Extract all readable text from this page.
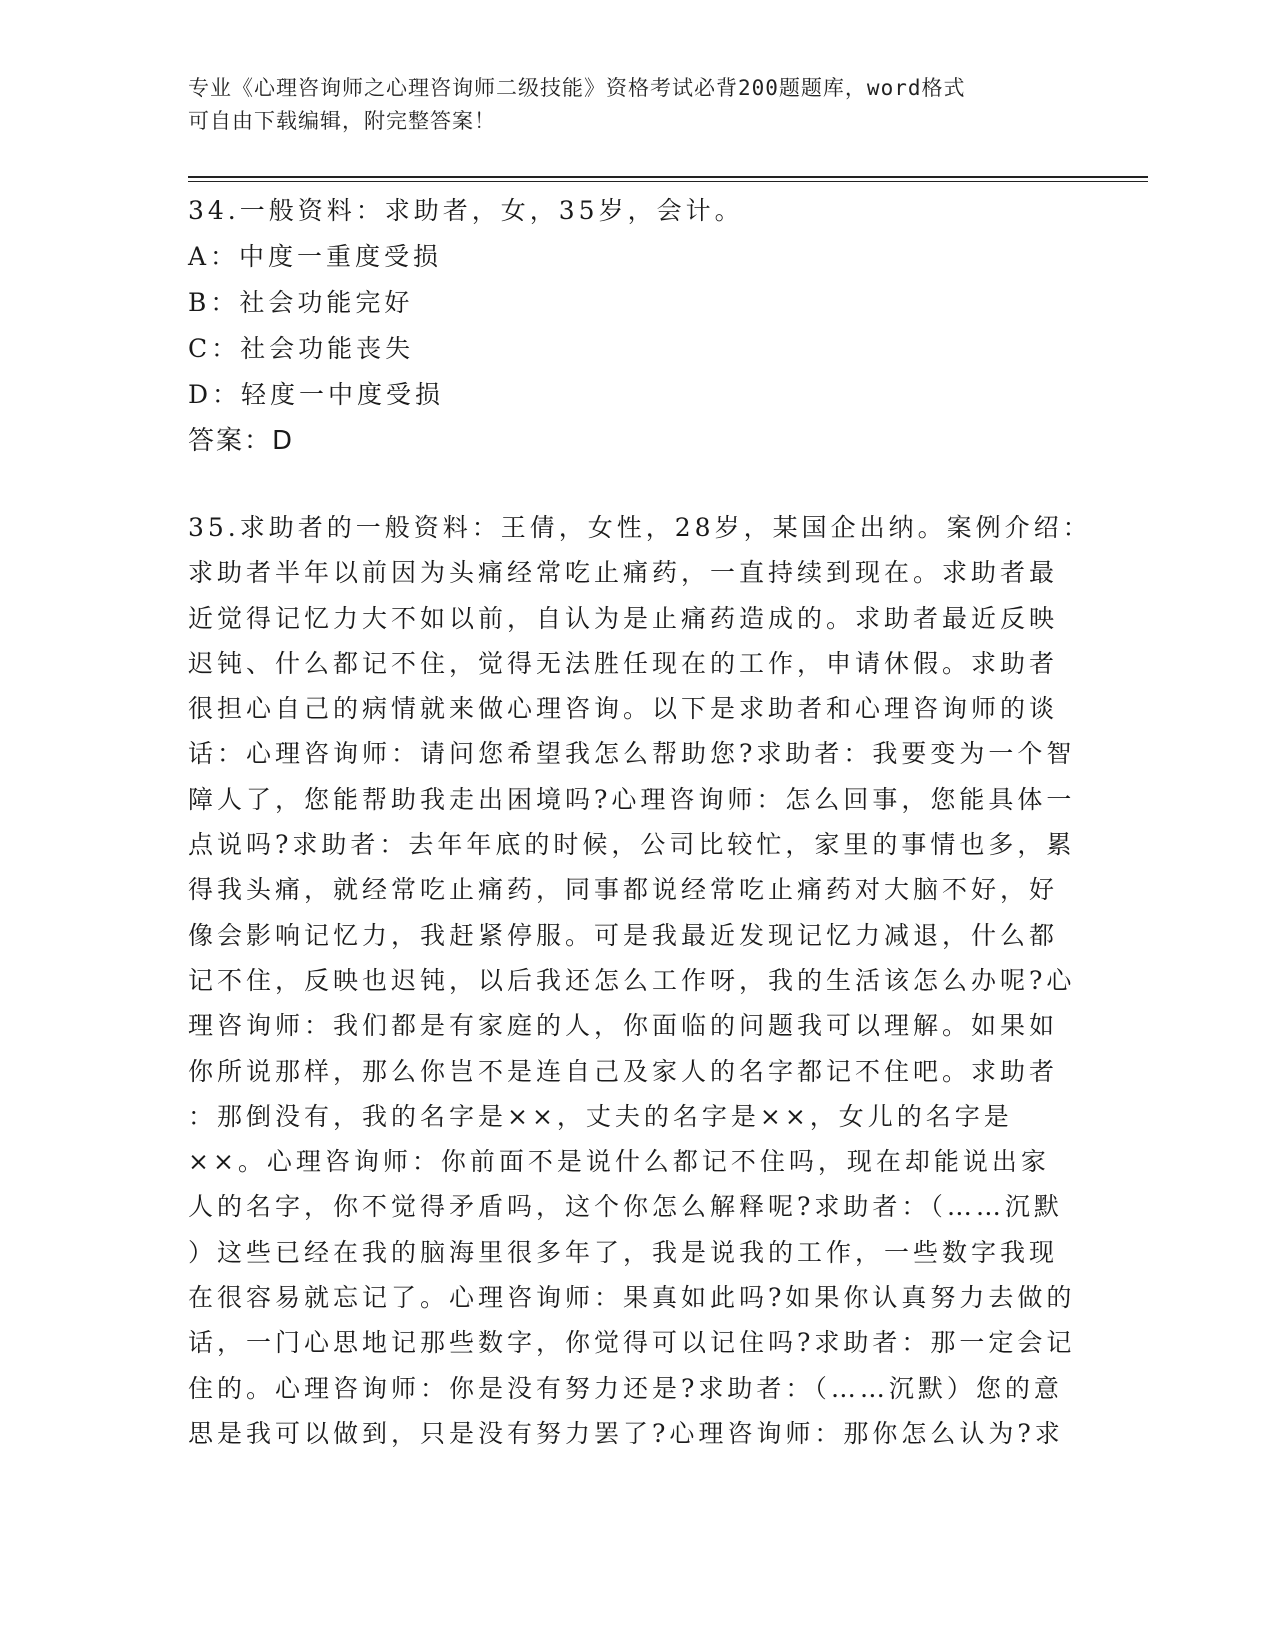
专业《心理咨询师之心理咨询师二级技能》资格考试必背200题题库，word格式
可自由下载编辑，附完整答案！
34.一般资料：求助者，女，35岁，会计。
A：中度一重度受损
B：社会功能完好
C：社会功能丧失
D：轻度一中度受损
答案：D
35.求助者的一般资料：王倩，女性，28岁，某国企出纳。案例介绍：
求助者半年以前因为头痛经常吃止痛药，一直持续到现在。求助者最
近觉得记忆力大不如以前，自认为是止痛药造成的。求助者最近反映
迟钝、什么都记不住，觉得无法胜任现在的工作，申请休假。求助者
很担心自己的病情就来做心理咨询。以下是求助者和心理咨询师的谈
话：心理咨询师：请问您希望我怎么帮助您?求助者：我要变为一个智
障人了，您能帮助我走出困境吗?心理咨询师：怎么回事，您能具体一
点说吗?求助者：去年年底的时候，公司比较忙，家里的事情也多，累
得我头痛，就经常吃止痛药，同事都说经常吃止痛药对大脑不好，好
像会影响记忆力，我赶紧停服。可是我最近发现记忆力减退，什么都
记不住，反映也迟钝，以后我还怎么工作呀，我的生活该怎么办呢?心
理咨询师：我们都是有家庭的人，你面临的问题我可以理解。如果如
你所说那样，那么你岂不是连自己及家人的名字都记不住吧。求助者
：那倒没有，我的名字是××，丈夫的名字是××，女儿的名字是
××。心理咨询师：你前面不是说什么都记不住吗，现在却能说出家
人的名字，你不觉得矛盾吗，这个你怎么解释呢?求助者：（……沉默
）这些已经在我的脑海里很多年了，我是说我的工作，一些数字我现
在很容易就忘记了。心理咨询师：果真如此吗?如果你认真努力去做的
话，一门心思地记那些数字，你觉得可以记住吗?求助者：那一定会记
住的。心理咨询师：你是没有努力还是?求助者：（……沉默）您的意
思是我可以做到，只是没有努力罢了?心理咨询师：那你怎么认为?求
